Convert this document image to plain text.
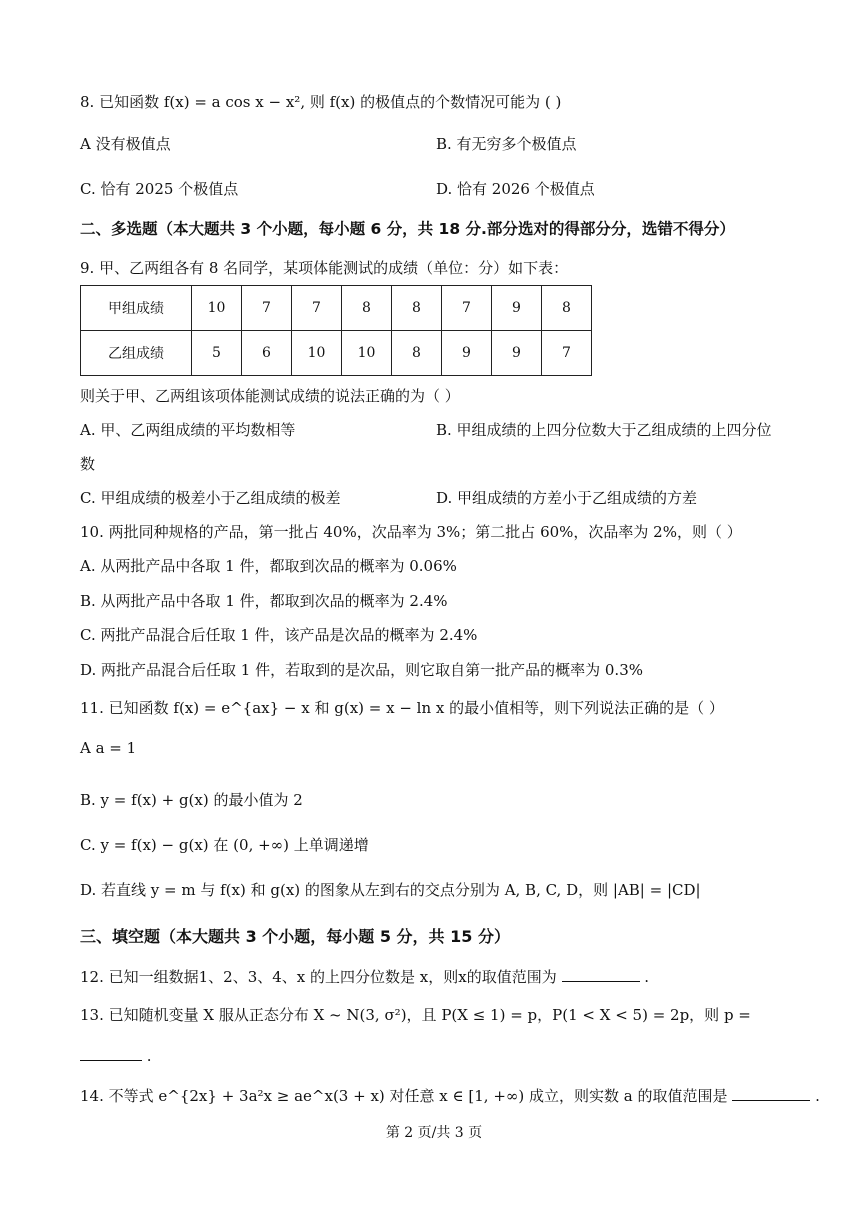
8. 已知函数 f(x) = a cos x − x², 则 f(x) 的极值点的个数情况可能为 ( )
A 没有极值点	B. 有无穷多个极值点
C. 恰有 2025 个极值点	D. 恰有 2026 个极值点
二、多选题（本大题共 3 个小题，每小题 6 分，共 18 分.部分选对的得部分分，选错不得分）
9. 甲、乙两组各有 8 名同学，某项体能测试的成绩（单位：分）如下表：
甲组成绩	10	7	7	8	8	7	9	8
乙组成绩	5	6	10	10	8	9	9	7
则关于甲、乙两组该项体能测试成绩的说法正确的为（ ）
A. 甲、乙两组成绩的平均数相等	B. 甲组成绩的上四分位数大于乙组成绩的上四分位
数
C. 甲组成绩的极差小于乙组成绩的极差	D. 甲组成绩的方差小于乙组成绩的方差
10. 两批同种规格的产品，第一批占 40%，次品率为 3%；第二批占 60%，次品率为 2%，则（ ）
A. 从两批产品中各取 1 件，都取到次品的概率为 0.06%
B. 从两批产品中各取 1 件，都取到次品的概率为 2.4%
C. 两批产品混合后任取 1 件，该产品是次品的概率为 2.4%
D. 两批产品混合后任取 1 件，若取到的是次品，则它取自第一批产品的概率为 0.3%
11. 已知函数 f(x) = e^{ax} − x 和 g(x) = x − ln x 的最小值相等，则下列说法正确的是（ ）
A a = 1
B. y = f(x) + g(x) 的最小值为 2
C. y = f(x) − g(x) 在 (0, +∞) 上单调递增
D. 若直线 y = m 与 f(x) 和 g(x) 的图象从左到右的交点分别为 A, B, C, D，则 |AB| = |CD|
三、填空题（本大题共 3 个小题，每小题 5 分，共 15 分）
12. 已知一组数据1、2、3、4、x 的上四分位数是 x，则x的取值范围为	.
13. 已知随机变量 X 服从正态分布 X ~ N(3, σ²)，且 P(X ≤ 1) = p，P(1 < X < 5) = 2p，则 p =
.
14. 不等式 e^{2x} + 3a²x ≥ ae^x(3 + x) 对任意 x ∈ [1, +∞) 成立，则实数 a 的取值范围是	.
第 2 页/共 3 页
